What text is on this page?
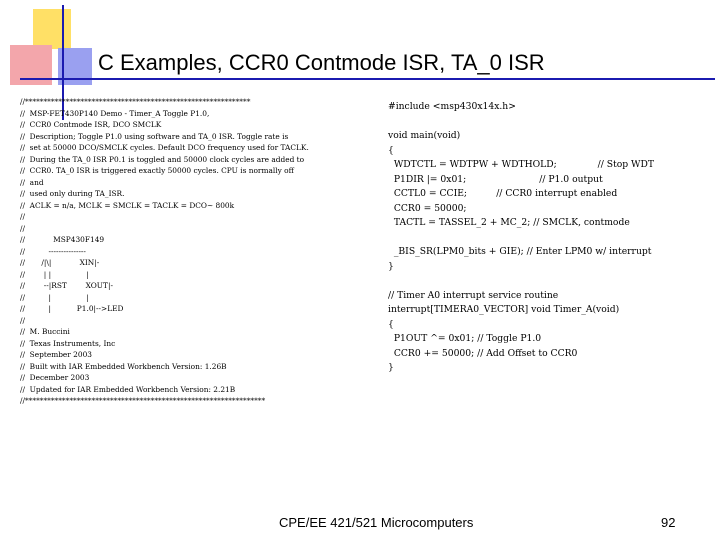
C Examples, CCR0 Contmode ISR, TA_0 ISR
//*************************************************************
//  MSP-FET430P140 Demo - Timer_A Toggle P1.0,
//  CCR0 Contmode ISR, DCO SMCLK
//  Description; Toggle P1.0 using software and TA_0 ISR. Toggle rate is
//  set at 50000 DCO/SMCLK cycles. Default DCO frequency used for TACLK.
//  During the TA_0 ISR P0.1 is toggled and 50000 clock cycles are added to
//  CCR0. TA_0 ISR is triggered exactly 50000 cycles. CPU is normally off
//  and
//  used only during TA_ISR.
//  ACLK = n/a, MCLK = SMCLK = TACLK = DCO~ 800k
//
//
//            MSP430F149
//          ---------------
//       /|\|            XIN|-
//        | |               |
//        --|RST        XOUT|-
//          |               |
//          |           P1.0|-->LED
//
//  M. Buccini
//  Texas Instruments, Inc
//  September 2003
//  Built with IAR Embedded Workbench Version: 1.26B
//  December 2003
//  Updated for IAR Embedded Workbench Version: 2.21B
//*****************************************************************
#include <msp430x14x.h>
void main(void)
{
WDTCTL = WDTPW + WDTHOLD;              // Stop WDT
P1DIR |= 0x01;                         // P1.0 output
CCTL0 = CCIE;          // CCR0 interrupt enabled
CCR0 = 50000;
TACTL = TASSEL_2 + MC_2; // SMCLK, contmode
_BIS_SR(LPM0_bits + GIE); // Enter LPM0 w/ interrupt
}
// Timer A0 interrupt service routine
interrupt[TIMERA0_VECTOR] void Timer_A(void)
{
P1OUT ^= 0x01; // Toggle P1.0
CCR0 += 50000; // Add Offset to CCR0
}
CPE/EE 421/521 Microcomputers	92
